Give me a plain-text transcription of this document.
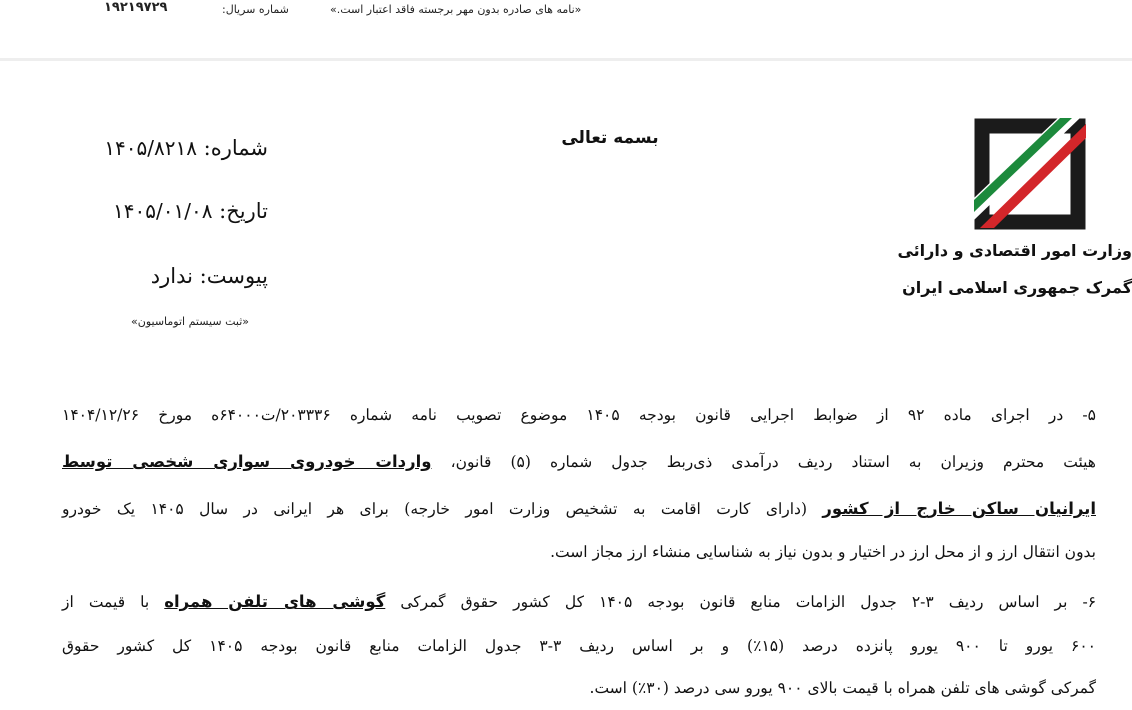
«نامه های صادره بدون مهر برجسته فاقد اعتبار است.»
شماره سریال:
۱۹۲۱۹۷۲۹
بسمه تعالی
وزارت امور اقتصادی و دارائی
گمرک جمهوری اسلامی ایران
شماره: ۱۴۰۵/۸۲۱۸
تاریخ: ۱۴۰۵/۰۱/۰۸
پیوست: ندارد
«ثبت سیستم اتوماسیون»
۵- در اجرای ماده ۹۲ از ضوابط اجرایی قانون بودجه ۱۴۰۵ موضوع تصویب نامه شماره ۲۰۳۳۳۶/ت۶۴۰۰۰ه مورخ ۱۴۰۴/۱۲/۲۶
هیئت محترم وزیران به استناد ردیف درآمدی ذی‌ربط جدول شماره (۵) قانون، واردات خودروی سواری شخصی توسط
ایرانیان ساکن خارج از کشور (دارای کارت اقامت به تشخیص وزارت امور خارجه) برای هر ایرانی در سال ۱۴۰۵ یک خودرو
بدون انتقال ارز و از محل ارز در اختیار و بدون نیاز به شناسایی منشاء ارز مجاز است.
۶- بر اساس ردیف ۳-۲ جدول الزامات منابع قانون بودجه ۱۴۰۵ کل کشور حقوق گمرکی گوشی های تلفن همراه با قیمت از
۶۰۰ یورو تا ۹۰۰ یورو پانزده درصد (۱۵٪) و بر اساس ردیف ۳-۳ جدول الزامات منابع قانون بودجه ۱۴۰۵ کل کشور حقوق
گمرکی گوشی های تلفن همراه با قیمت بالای ۹۰۰ یورو سی درصد (۳۰٪) است.
